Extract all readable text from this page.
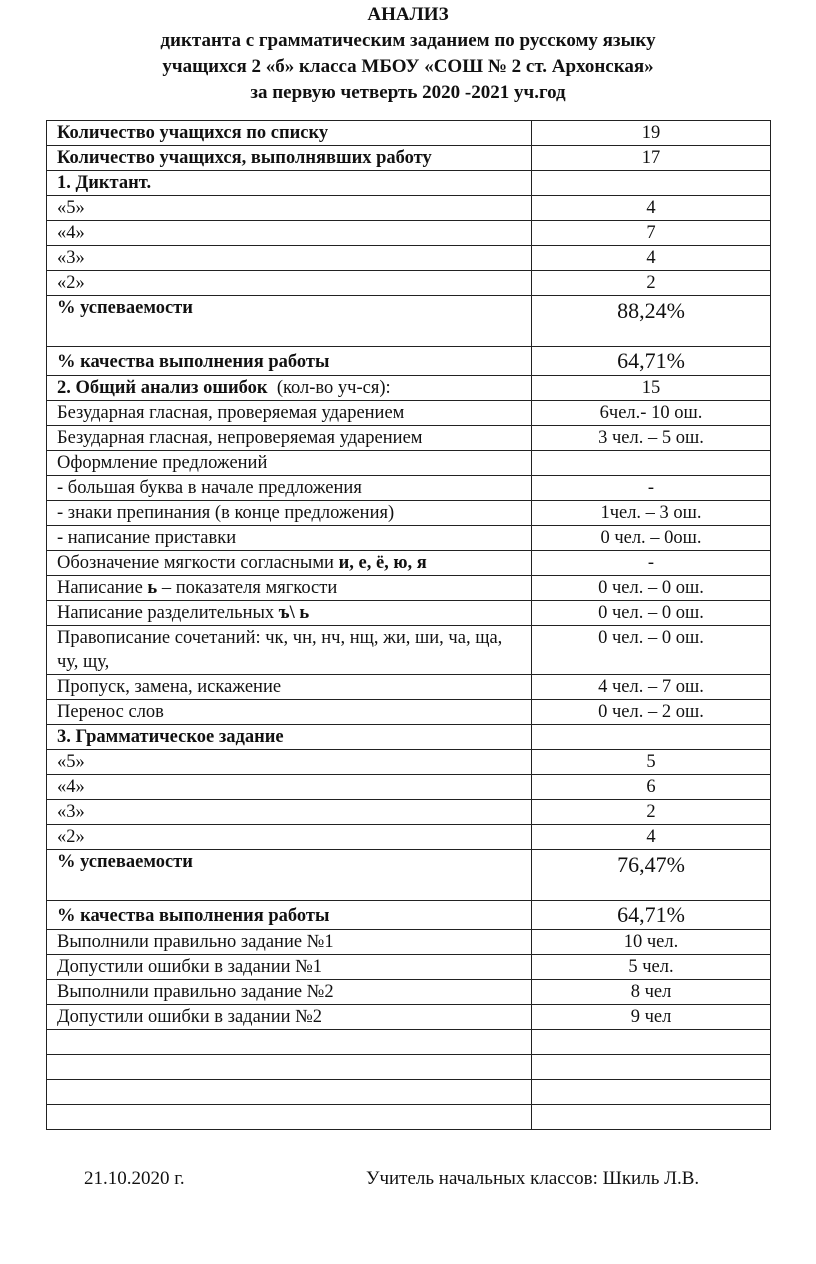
АНАЛИЗ
диктанта с грамматическим заданием по русскому языку
учащихся 2 «б» класса МБОУ «СОШ № 2 ст. Архонская»
за первую четверть 2020 -2021 уч.год
Количество учащихся по списку	19
Количество учащихся, выполнявших работу	17
1. Диктант.	
«5»	4
«4»	7
«3»	4
«2»	2
% успеваемости	88,24%
% качества выполнения работы	64,71%
2. Общий анализ ошибок  (кол-во уч-ся):	15
Безударная гласная, проверяемая ударением	6чел.- 10 ош.
Безударная гласная, непроверяемая ударением	3 чел. – 5 ош.
Оформление предложений	
- большая буква в начале предложения	-
- знаки препинания (в конце предложения)	1чел. – 3 ош.
- написание приставки	0 чел. – 0ош.
Обозначение мягкости согласными и, е, ё, ю, я	-
Написание ь – показателя мягкости	0 чел. – 0 ош.
Написание разделительных ъ\ ь	0 чел. – 0 ош.
Правописание сочетаний: чк, чн, нч, нщ, жи, ши, ча, ща, чу, щу,	0 чел. – 0 ош.
Пропуск, замена, искажение	4 чел. – 7 ош.
Перенос слов	0 чел. – 2 ош.
3. Грамматическое задание	
«5»	5
«4»	6
«3»	2
«2»	4
% успеваемости	76,47%
% качества выполнения работы	64,71%
Выполнили правильно задание №1	10 чел.
Допустили ошибки в задании №1	5 чел.
Выполнили правильно задание №2	8 чел
Допустили ошибки в задании №2	9 чел

21.10.2020 г.	Учитель начальных классов: Шкиль Л.В.
